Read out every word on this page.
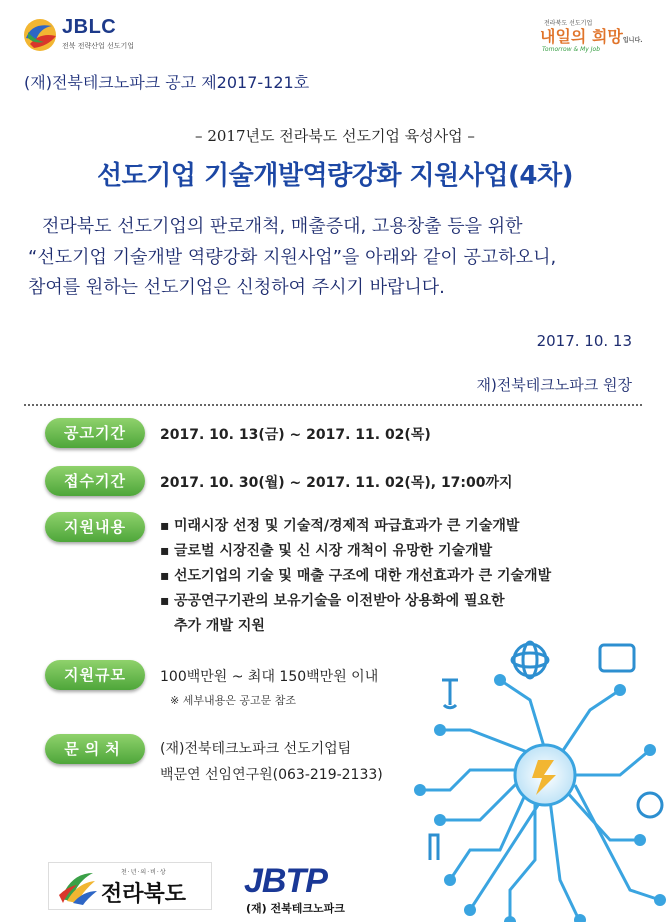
JBLC
전북 전략산업 선도기업
전라북도 선도기업
내일의 희망입니다.
Tomorrow & My Job
(재)전북테크노파크 공고 제2017-121호
– 2017년도 전라북도 선도기업 육성사업 –
선도기업 기술개발역량강화 지원사업(4차)

전라북도 선도기업의 판로개척, 매출증대, 고용창출 등을 위한

“선도기업 기술개발 역량강화 지원사업”을 아래와 같이 공고하오니,

참여를 원하는 선도기업은 신청하여 주시기 바랍니다.

2017. 10. 13
재)전북테크노파크 원장
공고기간	2017. 10. 13(금) ~ 2017. 11. 02(목)
접수기간	2017. 10. 30(월) ~ 2017. 11. 02(목), 17:00까지
지원내용
▪	미래시장 선정 및 기술적/경제적 파급효과가 큰 기술개발
▪ 글로벌 시장진출 및 신 시장 개척이 유망한 기술개발
▪ 선도기업의 기술 및 매출 구조에 대한 개선효과가 큰 기술개발
▪ 공공연구기관의 보유기술을 이전받아 상용화에 필요한
추가 개발 지원
지원규모	100백만원 ~ 최대 150백만원 이내
※ 세부내용은 공고문 참조
문의처	(재)전북테크노파크 선도기업팀
백문연 선임연구원(063-219-2133)
천·년·의·비·상
전라북도 JBTP
(재) 전북테크노파크
